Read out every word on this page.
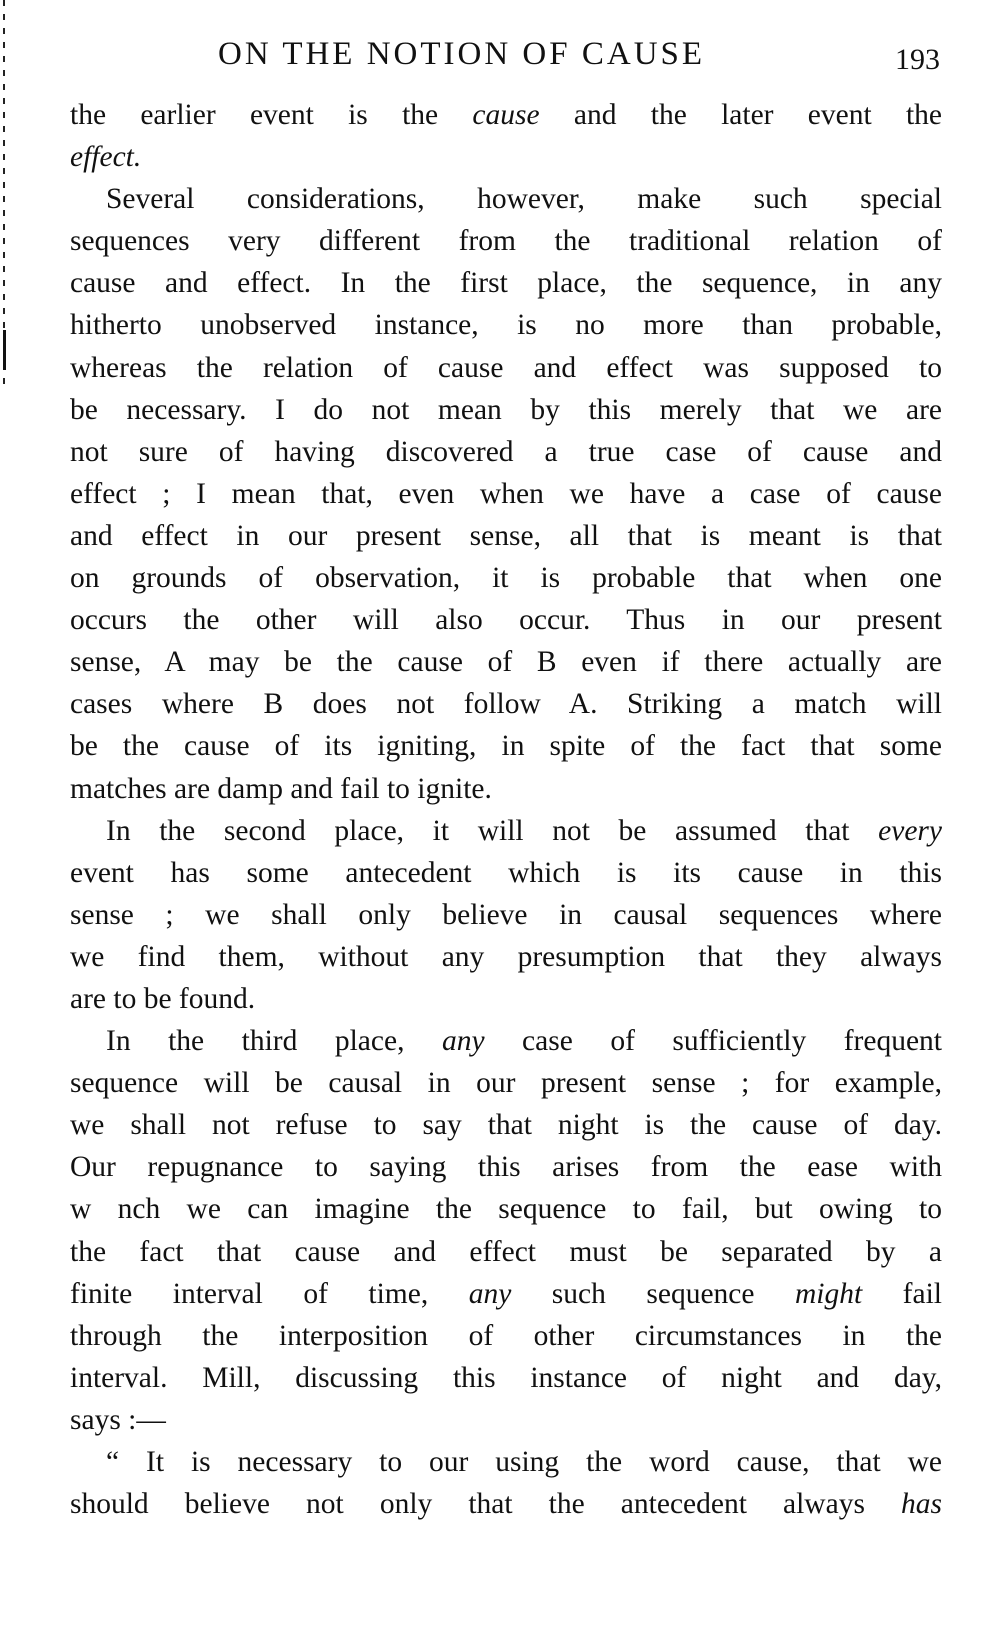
ON THE NOTION OF CAUSE	193
the earlier event is the cause and the later event the
effect.
Several considerations, however, make such special
sequences very different from the traditional relation of
cause and effect. In the first place, the sequence, in any
hitherto unobserved instance, is no more than probable,
whereas the relation of cause and effect was supposed to
be necessary. I do not mean by this merely that we are
not sure of having discovered a true case of cause and
effect ; I mean that, even when we have a case of cause
and effect in our present sense, all that is meant is that
on grounds of observation, it is probable that when one
occurs the other will also occur. Thus in our present
sense, A may be the cause of B even if there actually are
cases where B does not follow A. Striking a match will
be the cause of its igniting, in spite of the fact that some
matches are damp and fail to ignite.
In the second place, it will not be assumed that every
event has some antecedent which is its cause in this
sense ; we shall only believe in causal sequences where
we find them, without any presumption that they always
are to be found.
In the third place, any case of sufficiently frequent
sequence will be causal in our present sense ; for example,
we shall not refuse to say that night is the cause of day.
Our repugnance to saying this arises from the ease with
w nch we can imagine the sequence to fail, but owing to
the fact that cause and effect must be separated by a
finite interval of time, any such sequence might fail
through the interposition of other circumstances in the
interval. Mill, discussing this instance of night and day,
says :—
“ It is necessary to our using the word cause, that we
should believe not only that the antecedent always has
